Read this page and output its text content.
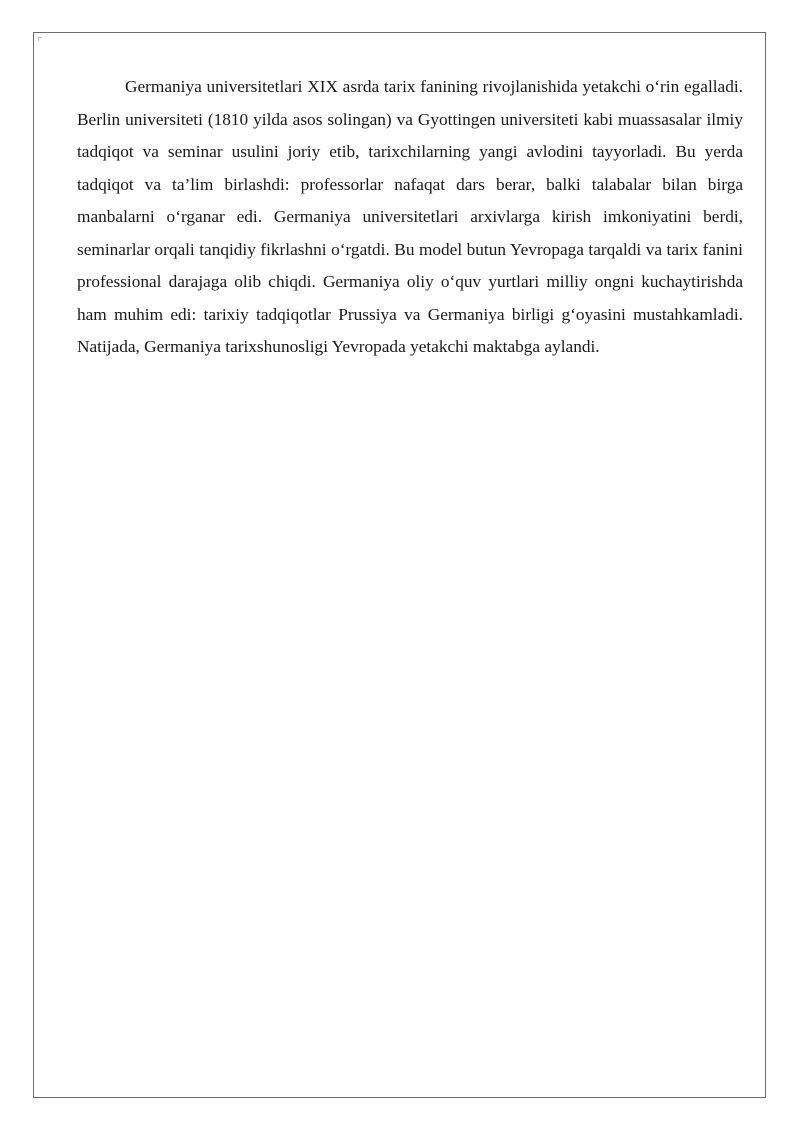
Germaniya universitetlari XIX asrda tarix fanining rivojlanishida yetakchi o‘rin egalladi. Berlin universiteti (1810 yilda asos solingan) va Gyottingen universiteti kabi muassasalar ilmiy tadqiqot va seminar usulini joriy etib, tarixchilarning yangi avlodini tayyorladi. Bu yerda tadqiqot va ta’lim birlashdi: professorlar nafaqat dars berar, balki talabalar bilan birga manbalarni o‘rganar edi. Germaniya universitetlari arxivlarga kirish imkoniyatini berdi, seminarlar orqali tanqidiy fikrlashni o‘rgatdi. Bu model butun Yevropaga tarqaldi va tarix fanini professional darajaga olib chiqdi. Germaniya oliy o‘quv yurtlari milliy ongni kuchaytirishda ham muhim edi: tarixiy tadqiqotlar Prussiya va Germaniya birligi g‘oyasini mustahkamladi. Natijada, Germaniya tarixshunosligi Yevropada yetakchi maktabga aylandi.
